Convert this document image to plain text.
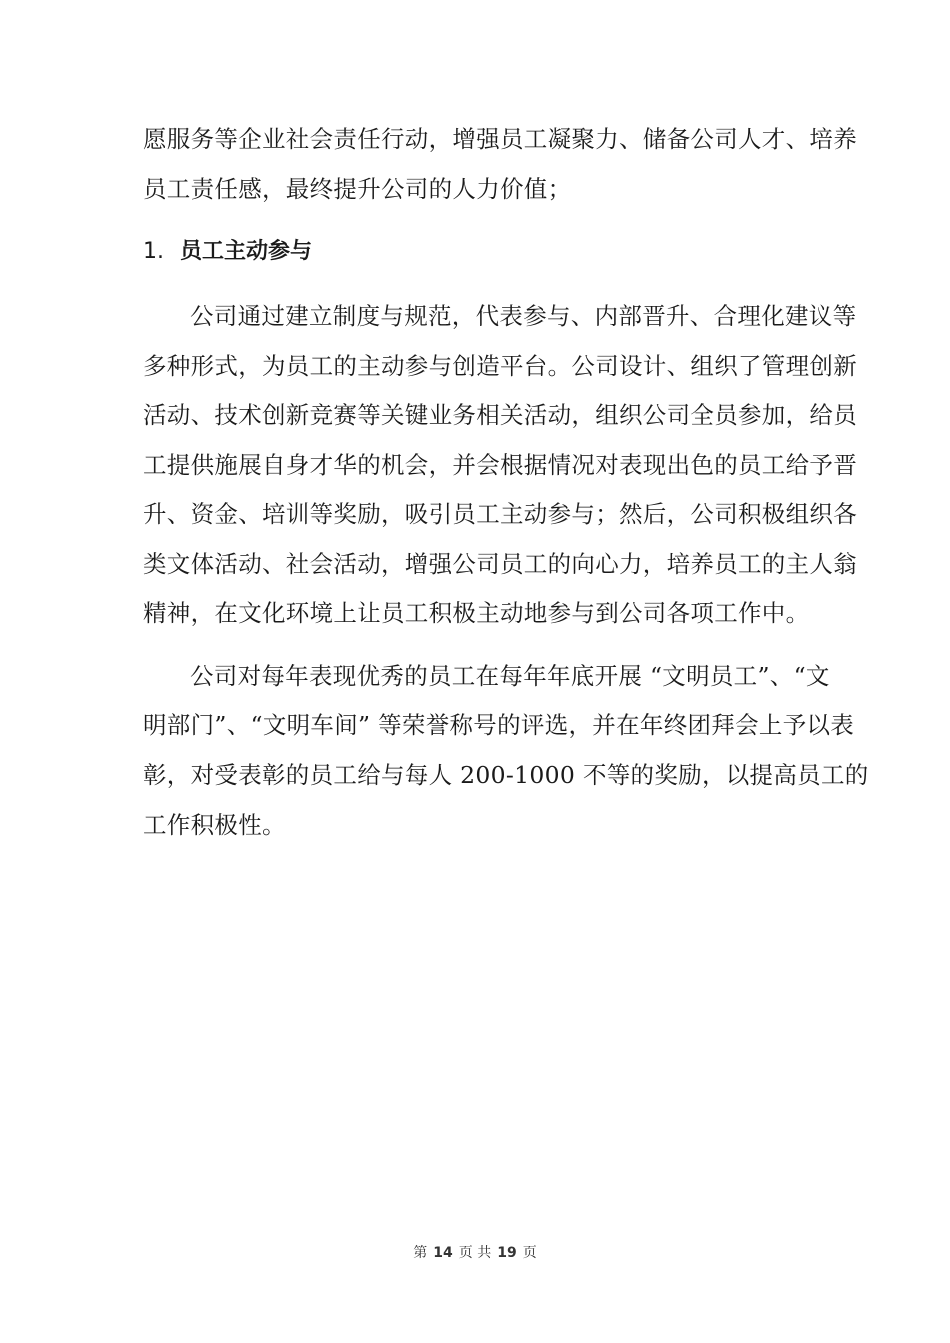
愿服务等企业社会责任行动，增强员工凝聚力、储备公司人才、培养
员工责任感，最终提升公司的人力价值；
1. 员工主动参与
公司通过建立制度与规范，代表参与、内部晋升、合理化建议等
多种形式，为员工的主动参与创造平台。公司设计、组织了管理创新
活动、技术创新竞赛等关键业务相关活动，组织公司全员参加，给员
工提供施展自身才华的机会，并会根据情况对表现出色的员工给予晋
升、资金、培训等奖励，吸引员工主动参与；然后，公司积极组织各
类文体活动、社会活动，增强公司员工的向心力，培养员工的主人翁
精神，在文化环境上让员工积极主动地参与到公司各项工作中。
公司对每年表现优秀的员工在每年年底开展 “文明员工”、“文
明部门”、“文明车间” 等荣誉称号的评选，并在年终团拜会上予以表
彰，对受表彰的员工给与每人 200-1000 不等的奖励，以提高员工的
工作积极性。
第 14 页 共 19 页
